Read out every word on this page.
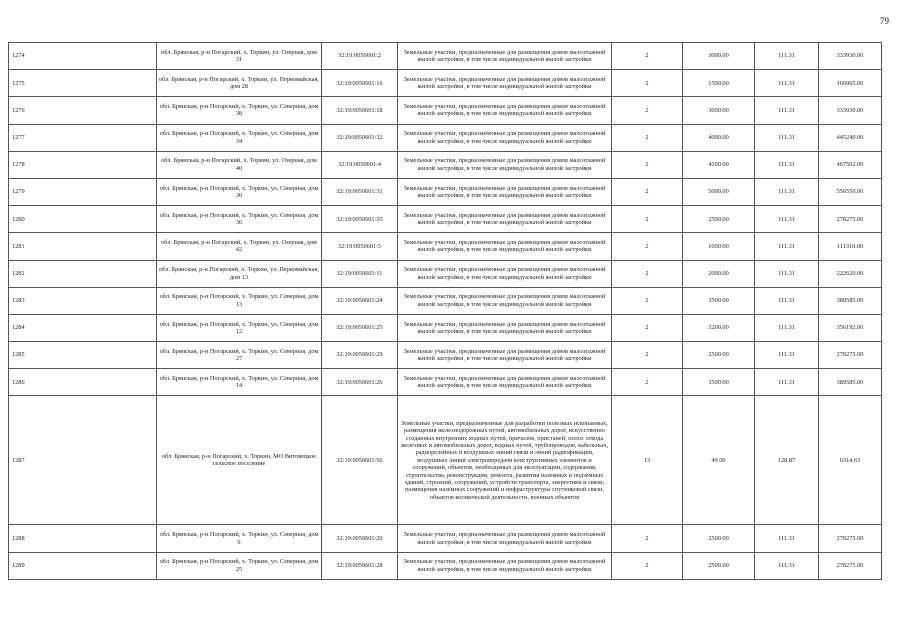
79
1274	обл. Брянская, р-н Погарский, х. Торкин, ул. Озерная, дом 31	32:19:0050601:2	Земельные участки, предназначенные для размещения домов малоэтажной жилой застройки, в том числе индивидуальной жилой застройки	2	3000.00	111.31	333930.00
1275	обл. Брянская, р-н Погарский, х. Торкин, ул. Первомайская, дом 28	32:19:0050601:16	Земельные участки, предназначенные для размещения домов малоэтажной жилой застройки, в том числе индивидуальной жилой застройки	2	1500.00	111.31	166965.00
1276	обл. Брянская, р-н Погарский, х. Торкин, ул. Северная, дом 38	32:19:0050601:18	Земельные участки, предназначенные для размещения домов малоэтажной жилой застройки, в том числе индивидуальной жилой застройки	2	3000.00	111.31	333930.00
1277	обл. Брянская, р-н Погарский, х. Торкин, ул. Северная, дом 34	32:19:0050601:32	Земельные участки, предназначенные для размещения домов малоэтажной жилой застройки, в том числе индивидуальной жилой застройки	2	4000.00	111.31	445240.00
1278	обл. Брянская, р-н Погарский, х. Торкин, ул. Озерная, дом 40	32:19:0050601:4	Земельные участки, предназначенные для размещения домов малоэтажной жилой застройки, в том числе индивидуальной жилой застройки	2	4200.00	111.31	467502.00
1279	обл. Брянская, р-н Погарский, х. Торкин, ул. Северная, дом 30	32:19:0050601:31	Земельные участки, предназначенные для размещения домов малоэтажной жилой застройки, в том числе индивидуальной жилой застройки	2	5000.00	111.31	556550.00
1280	обл. Брянская, р-н Погарский, х. Торкин, ул. Северная, дом 36	32:19:0050601:35	Земельные участки, предназначенные для размещения домов малоэтажной жилой застройки, в том числе индивидуальной жилой застройки	2	2500.00	111.31	278275.00
1281	обл. Брянская, р-н Погарский, х. Торкин, ул. Озерная, дом 42	32:19:0050601:5	Земельные участки, предназначенные для размещения домов малоэтажной жилой застройки, в том числе индивидуальной жилой застройки	2	1000.00	111.31	111310.00
1282	обл. Брянская, р-н Погарский, х. Торкин, ул. Первомайская, дом 13	32:19:0050601:11	Земельные участки, предназначенные для размещения домов малоэтажной жилой застройки, в том числе индивидуальной жилой застройки	2	2000.00	111.31	222620.00
1283	обл. Брянская, р-н Погарский, х. Торкин, ул. Северная, дом 13	32:19:0050601:24	Земельные участки, предназначенные для размещения домов малоэтажной жилой застройки, в том числе индивидуальной жилой застройки	2	3500.00	111.31	389585.00
1284	обл. Брянская, р-н Погарский, х. Торкин, ул. Северная, дом 12	32:19:0050601:25	Земельные участки, предназначенные для размещения домов малоэтажной жилой застройки, в том числе индивидуальной жилой застройки	2	3200.00	111.31	356192.00
1285	обл. Брянская, р-н Погарский, х. Торкин, ул. Северная, дом 27	32:19:0050601:29	Земельные участки, предназначенные для размещения домов малоэтажной жилой застройки, в том числе индивидуальной жилой застройки	2	2500.00	111.31	278275.00
1286	обл. Брянская, р-н Погарский, х. Торкин, ул. Северная, дом 14	32:19:0050601:26	Земельные участки, предназначенные для размещения домов малоэтажной жилой застройки, в том числе индивидуальной жилой застройки	2	3500.00	111.31	389585.00
1287	обл. Брянская, р-н Погарский, х. Торкин, МО Витовецкое сельское поселение	32:19:0050601:56	Земельные участки, предназначенные для разработки полезных ископаемых, размещения железнодорожных путей, автомобильных дорог, искусственно созданных внутренних водных путей, причалов, пристаней, полос отвода железных и автомобильных дорог, водных путей, трубопроводов, кабельных, радиорелейных и воздушных линий связи и линий радиофикации, воздушных линий электропередачи конструктивных элементов и сооружений, объектов, необходимых для эксплуатации, содержания, строительства, реконструкции, ремонта, развития наземных и подземных зданий, строений, сооружений, устройств транспорта, энергетики и связи; размещения наземных сооружений и инфраструктуры спутниковой связи, объектов космической деятельности, военных объектов	13	49.00	128.87	6314.63
1288	обл. Брянская, р-н Погарский, х. Торкин, ул. Северная, дом 6	32:19:0050601:20	Земельные участки, предназначенные для размещения домов малоэтажной жилой застройки, в том числе индивидуальной жилой застройки	2	2500.00	111.31	278275.00
1289	обл. Брянская, р-н Погарский, х. Торкин, ул. Северная, дом 25	32:19:0050601:28	Земельные участки, предназначенные для размещения домов малоэтажной жилой застройки, в том числе индивидуальной жилой застройки	2	2500.00	111.31	278275.00
